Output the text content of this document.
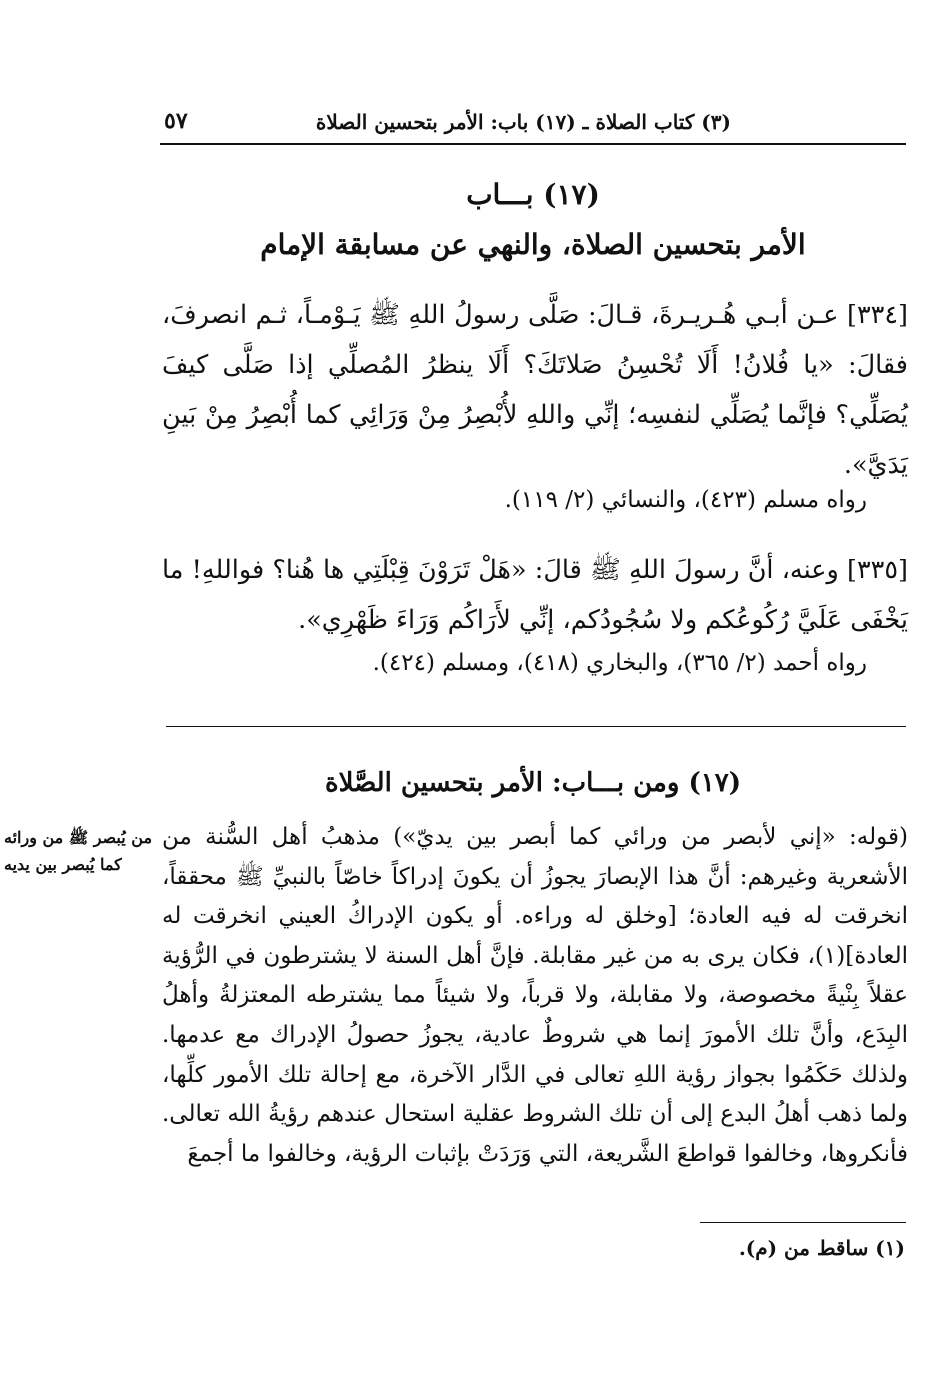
٥٧	(٣) كتاب الصلاة ـ (١٧) باب: الأمر بتحسين الصلاة
(١٧) بـــاب
الأمر بتحسين الصلاة، والنهي عن مسابقة الإمام
[٣٣٤] عـن أبـي هُـريـرةَ، قـالَ: صَلَّى رسولُ اللهِ ﷺ يَـوْمـاً، ثـم انصرفَ، فقالَ: «يا فُلانُ! أَلَا تُحْسِنُ صَلاتَكَ؟ أَلَا ينظرُ المُصلِّي إذا صَلَّى كيفَ يُصَلِّي؟ فإنَّما يُصَلِّي لنفسِه؛ إنِّي واللهِ لأُبْصِرُ مِنْ وَرَائِي كما أُبْصِرُ مِنْ بَينِ يَدَيَّ».
رواه مسلم (٤٢٣)، والنسائي (٢/ ١١٩).
[٣٣٥] وعنه، أنَّ رسولَ اللهِ ﷺ قالَ: «هَلْ تَرَوْنَ قِبْلَتِي ها هُنا؟ فواللهِ! ما يَخْفَى عَلَيَّ رُكُوعُكم ولا سُجُودُكم، إنِّي لأَرَاكُم وَرَاءَ ظَهْرِي».
رواه أحمد (٢/ ٣٦٥)، والبخاري (٤١٨)، ومسلم (٤٢٤).
(١٧) ومن بـــاب: الأمر بتحسين الصَّلاة
(قوله: «إني لأبصر من ورائي كما أبصر بين يديّ») مذهبُ أهل السُّنة من الأشعرية وغيرهم: أنَّ هذا الإبصارَ يجوزُ أن يكونَ إدراكاً خاصّاً بالنبيِّ ﷺ محققاً، انخرقت له فيه العادة؛ [وخلق له وراءه. أو يكون الإدراكُ العيني انخرقت له العادة](١)، فكان يرى به من غير مقابلة. فإنَّ أهل السنة لا يشترطون في الرُّؤية عقلاً بِنْيةً مخصوصة، ولا مقابلة، ولا قرباً، ولا شيئاً مما يشترطه المعتزلةُ وأهلُ البِدَع، وأنَّ تلك الأمورَ إنما هي شروطٌ عادية، يجوزُ حصولُ الإدراك مع عدمها. ولذلك حَكَمُوا بجواز رؤية اللهِ تعالى في الدَّار الآخرة، مع إحالة تلك الأمور كلِّها، ولما ذهب أهلُ البدع إلى أن تلك الشروط عقلية استحال عندهم رؤيةُ الله تعالى. فأنكروها، وخالفوا قواطعَ الشَّريعة، التي وَرَدَتْ بإثبات الرؤية، وخالفوا ما أجمعَ
من يُبصر ﷺ من ورائه كما يُبصر بين يديه
(١) ساقط من (م).
